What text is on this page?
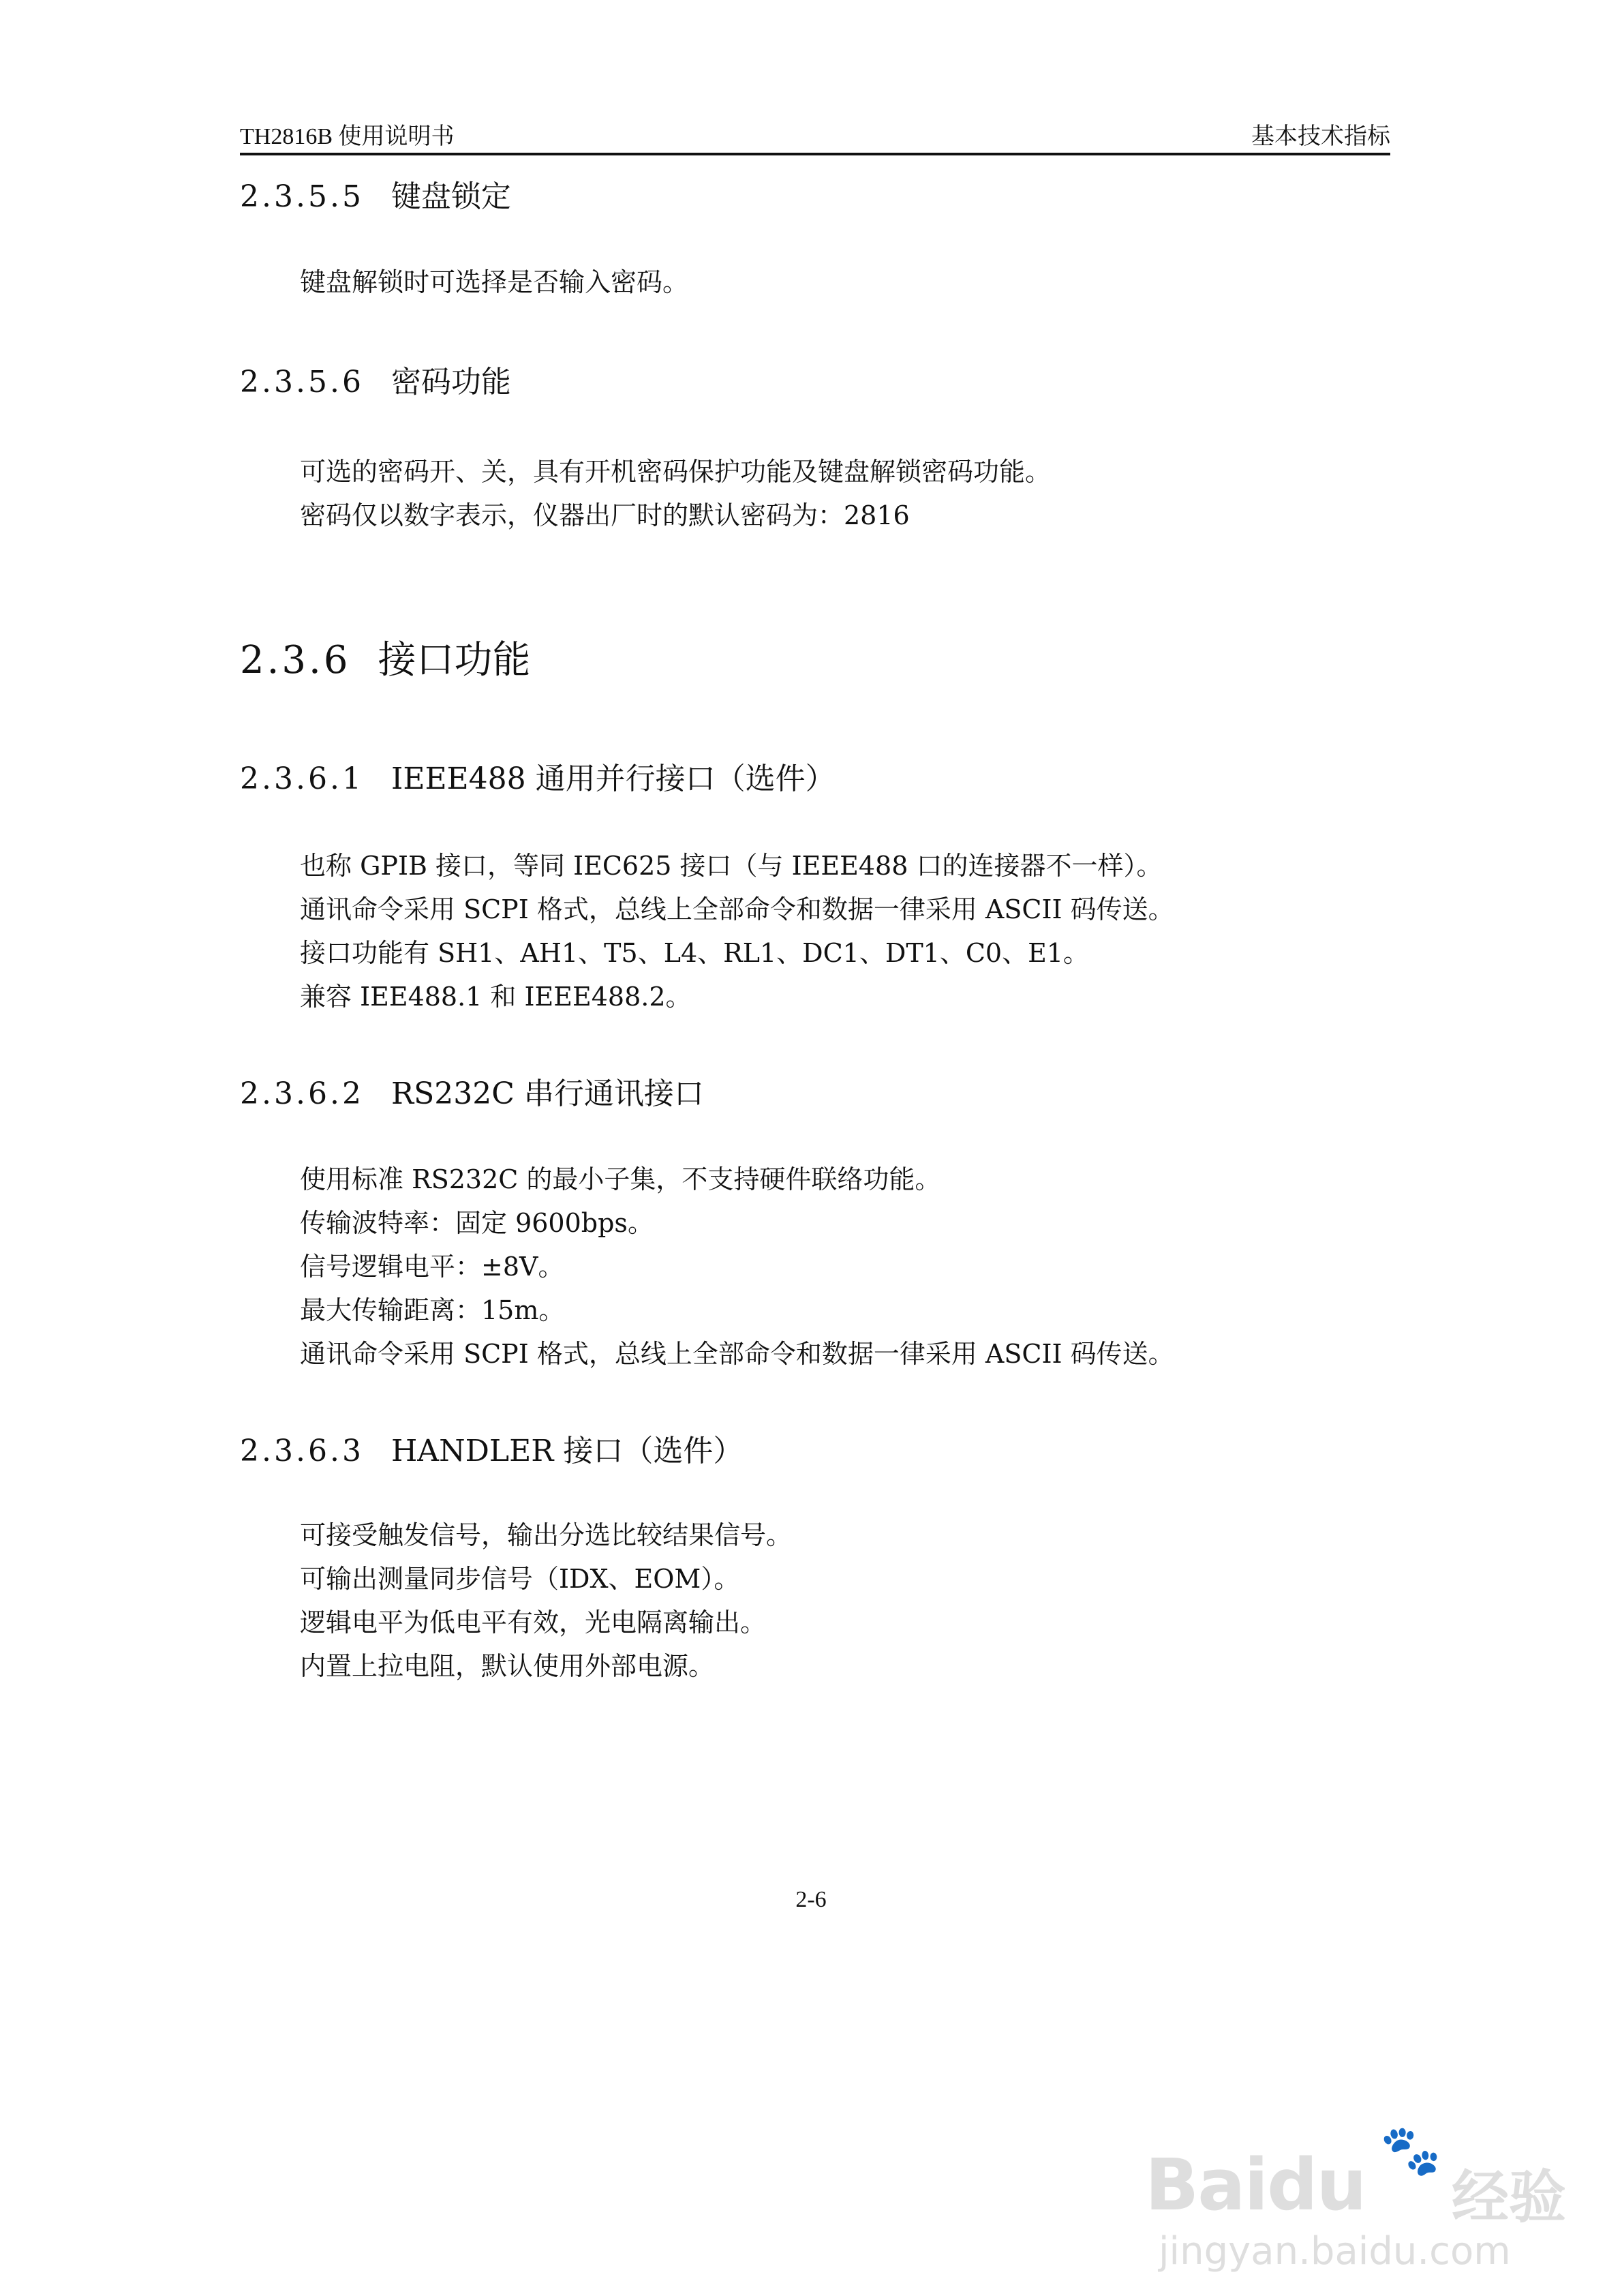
TH2816B 使用说明书	基本技术指标
2.3.5.5 键盘锁定

键盘解锁时可选择是否输入密码。

2.3.5.6 密码功能

可选的密码开、关，具有开机密码保护功能及键盘解锁密码功能。

密码仅以数字表示，仪器出厂时的默认密码为：2816

2.3.6 接口功能
2.3.6.1 IEEE488 通用并行接口（选件）

也称 GPIB 接口，等同 IEC625 接口（与 IEEE488 口的连接器不一样）。

通讯命令采用 SCPI 格式，总线上全部命令和数据一律采用 ASCII 码传送。

接口功能有 SH1、AH1、T5、L4、RL1、DC1、DT1、C0、E1。

兼容 IEE488.1 和 IEEE488.2。

2.3.6.2 RS232C 串行通讯接口

使用标准 RS232C 的最小子集，不支持硬件联络功能。

传输波特率：固定 9600bps。

信号逻辑电平：±8V。

最大传输距离：15m。

通讯命令采用 SCPI 格式，总线上全部命令和数据一律采用 ASCII 码传送。

2.3.6.3 HANDLER 接口（选件）

可接受触发信号，输出分选比较结果信号。

可输出测量同步信号（IDX、EOM）。

逻辑电平为低电平有效，光电隔离输出。

内置上拉电阻，默认使用外部电源。

2-6
🐾
Baidu 经验
jingyan.baidu.com
